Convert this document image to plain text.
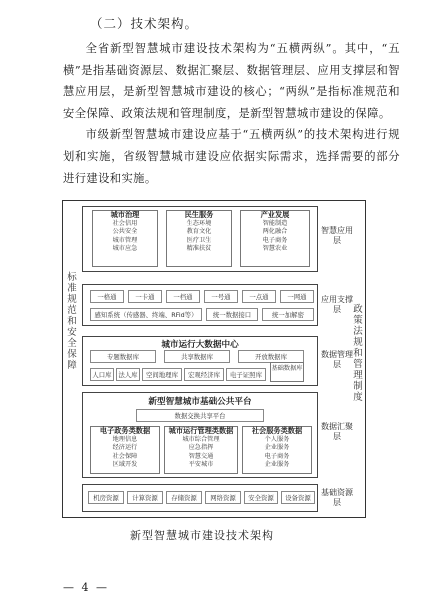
（二）技术架构。

全省新型智慧城市建设技术架构为“五横两纵”。其中，“五横”是指基础资源层、数据汇聚层、数据管理层、应用支撑层和智慧应用层，是新型智慧城市建设的核心；“两纵”是指标准规范和安全保障、政策法规和管理制度，是新型智慧城市建设的保障。

市级新型智慧城市建设应基于“五横两纵”的技术架构进行规划和实施，省级智慧城市建设应依据实际需求，选择需要的部分进行建设和实施。

标准规范和安全保障
政策法规和管理制度
智慧应用层
城市治理
社会信用
公共安全
城市管理
城市应急
民生服务
生态环境
教育文化
医疗卫生
精准扶贫
产业发展
智能制造
两化融合
电子商务
智慧农业
应用支撑层
一格通	一卡通	一档通	一号通	一点通	一网通
感知系统（传感器、终端、RFid等）	统一数据接口	统一加解密
数据管理层
城市运行大数据中心
专题数据库	共享数据库	开放数据库
人口库	法人库	空间地理库	宏观经济库	电子证照库
基础数据库
数据汇聚层
新型智慧城市基础公共平台
数据交换共享平台
电子政务类数据
地理信息
经济运行
社会保障
区域开发
城市运行管理类数据
城市综合管理
应急指挥
智慧交通
平安城市
社会服务类数据
个人服务
企业服务
电子商务
企业服务
基础资源层
机房资源	计算资源	存储资源	网络资源	安全资源	设备资源
新型智慧城市建设技术架构
— 4 —
